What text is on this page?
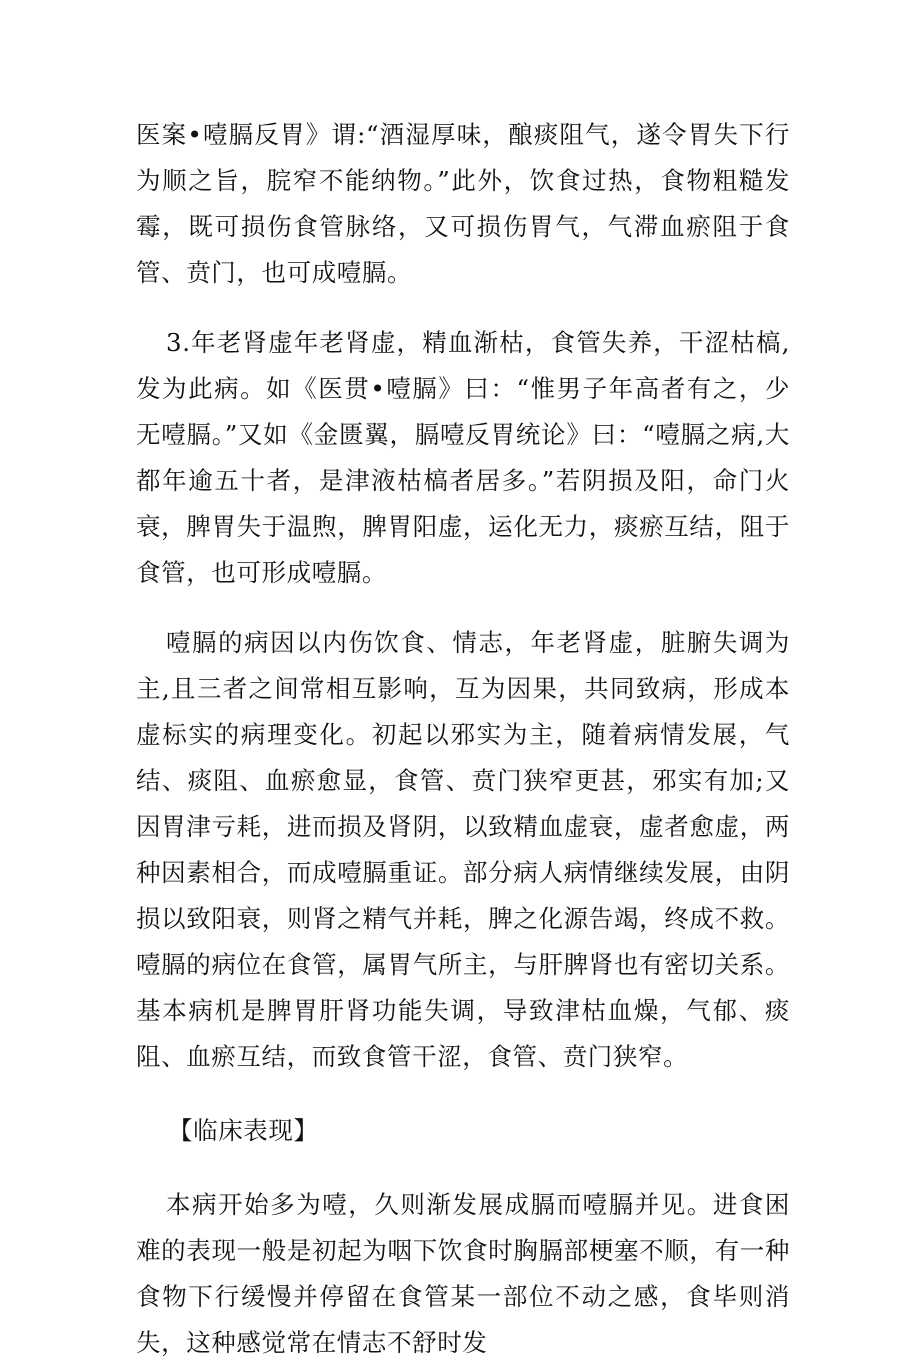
医案•噎膈反胃》谓:“酒湿厚味，酿痰阻气，遂令胃失下行为顺之旨，脘窄不能纳物。”此外，饮食过热，食物粗糙发霉，既可损伤食管脉络，又可损伤胃气，气滞血瘀阻于食管、贲门，也可成噎膈。

3.年老肾虚年老肾虚，精血渐枯，食管失养，干涩枯槁,发为此病。如《医贯•噎膈》曰：“惟男子年高者有之，少无噎膈。”又如《金匮翼，膈噎反胃统论》曰：“噎膈之病,大都年逾五十者，是津液枯槁者居多。”若阴损及阳，命门火衰，脾胃失于温煦，脾胃阳虚，运化无力，痰瘀互结，阻于食管，也可形成噎膈。

噎膈的病因以内伤饮食、情志，年老肾虚，脏腑失调为主,且三者之间常相互影响，互为因果，共同致病，形成本虚标实的病理变化。初起以邪实为主，随着病情发展，气结、痰阻、血瘀愈显，食管、贲门狭窄更甚，邪实有加;又因胃津亏耗，进而损及肾阴，以致精血虚衰，虚者愈虚，两种因素相合，而成噎膈重证。部分病人病情继续发展，由阴损以致阳衰，则肾之精气并耗，脾之化源告竭，终成不救。噎膈的病位在食管，属胃气所主，与肝脾肾也有密切关系。基本病机是脾胃肝肾功能失调，导致津枯血燥，气郁、痰阻、血瘀互结，而致食管干涩，食管、贲门狭窄。

【临床表现】

本病开始多为噎，久则渐发展成膈而噎膈并见。进食困难的表现一般是初起为咽下饮食时胸膈部梗塞不顺，有一种食物下行缓慢并停留在食管某一部位不动之感，食毕则消失，这种感觉常在情志不舒时发
